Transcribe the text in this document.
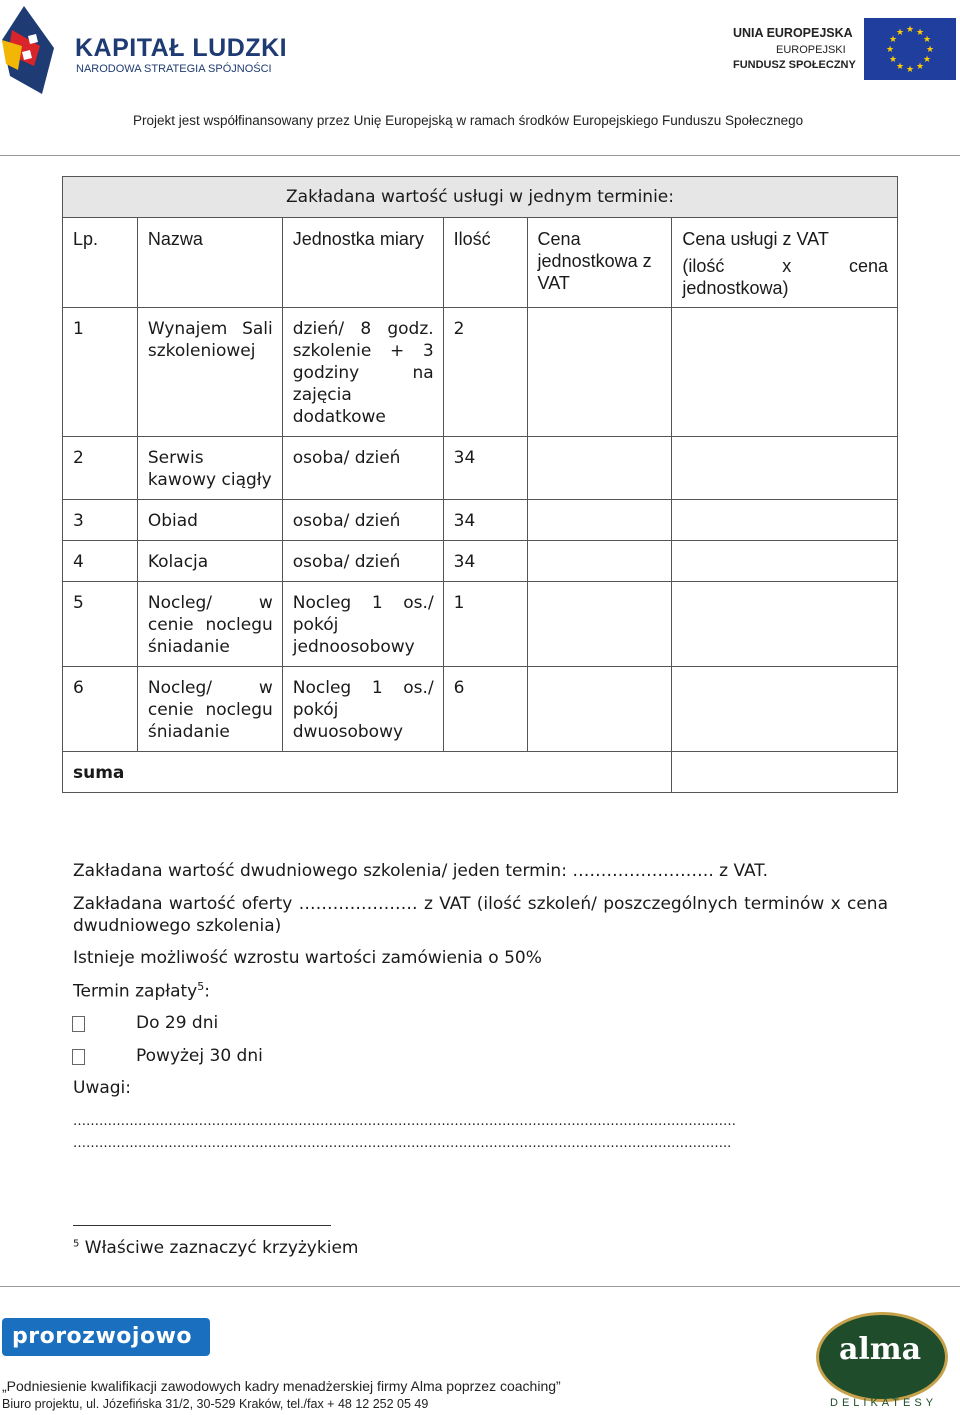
KAPITAŁ LUDZKI
NARODOWA STRATEGIA SPÓJNOŚCI
UNIA EUROPEJSKA
EUROPEJSKI
FUNDUSZ SPOŁECZNY
★ ★
★
★
★
★
★
★
★
★
★
★
Projekt jest współfinansowany przez Unię Europejską w ramach środków Europejskiego Funduszu Społecznego
Zakładana wartość usługi w jednym terminie:					
Lp.	Nazwa	Jednostka miary	Ilość	Cena jednostkowa z VAT	Cena usługi z VAT
(ilość x cena jednostkowa)

1	Wynajem Sali szkoleniowej	dzień/ 8 godz. szkolenie + 3 godziny na zajęcia dodatkowe	2		
2	Serwis kawowy ciągły	osoba/ dzień	34		
3	Obiad	osoba/ dzień	34		
4	Kolacja	osoba/ dzień	34		
5	Nocleg/ w cenie noclegu śniadanie	Nocleg 1 os./ pokój jednoosobowy	1		
6	Nocleg/ w cenie noclegu śniadanie	Nocleg 1 os./ pokój dwuosobowy	6		
suma					
Zakładana wartość dwudniowego szkolenia/ jeden termin: ……………………. z VAT.
Zakładana wartość oferty ………………… z VAT (ilość szkoleń/ poszczególnych terminów x cena dwudniowego szkolenia)
Istnieje możliwość wzrostu wartości zamówienia o 50%
Termin zapłaty$^5$:
Do 29 dni
Powyżej 30 dni
Uwagi:
………………………………………………………………………………………………………………………………………
……………………………………………………………………………………………………………………………………..
$^5$ Właściwe zaznaczyć krzyżykiem
prorozwojowo	alma
DELIKATESY
„Podniesienie kwalifikacji zawodowych kadry menadżerskiej firmy Alma poprzez coaching”
Biuro projektu, ul. Józefińska 31/2, 30-529 Kraków, tel./fax + 48 12 252 05 49
